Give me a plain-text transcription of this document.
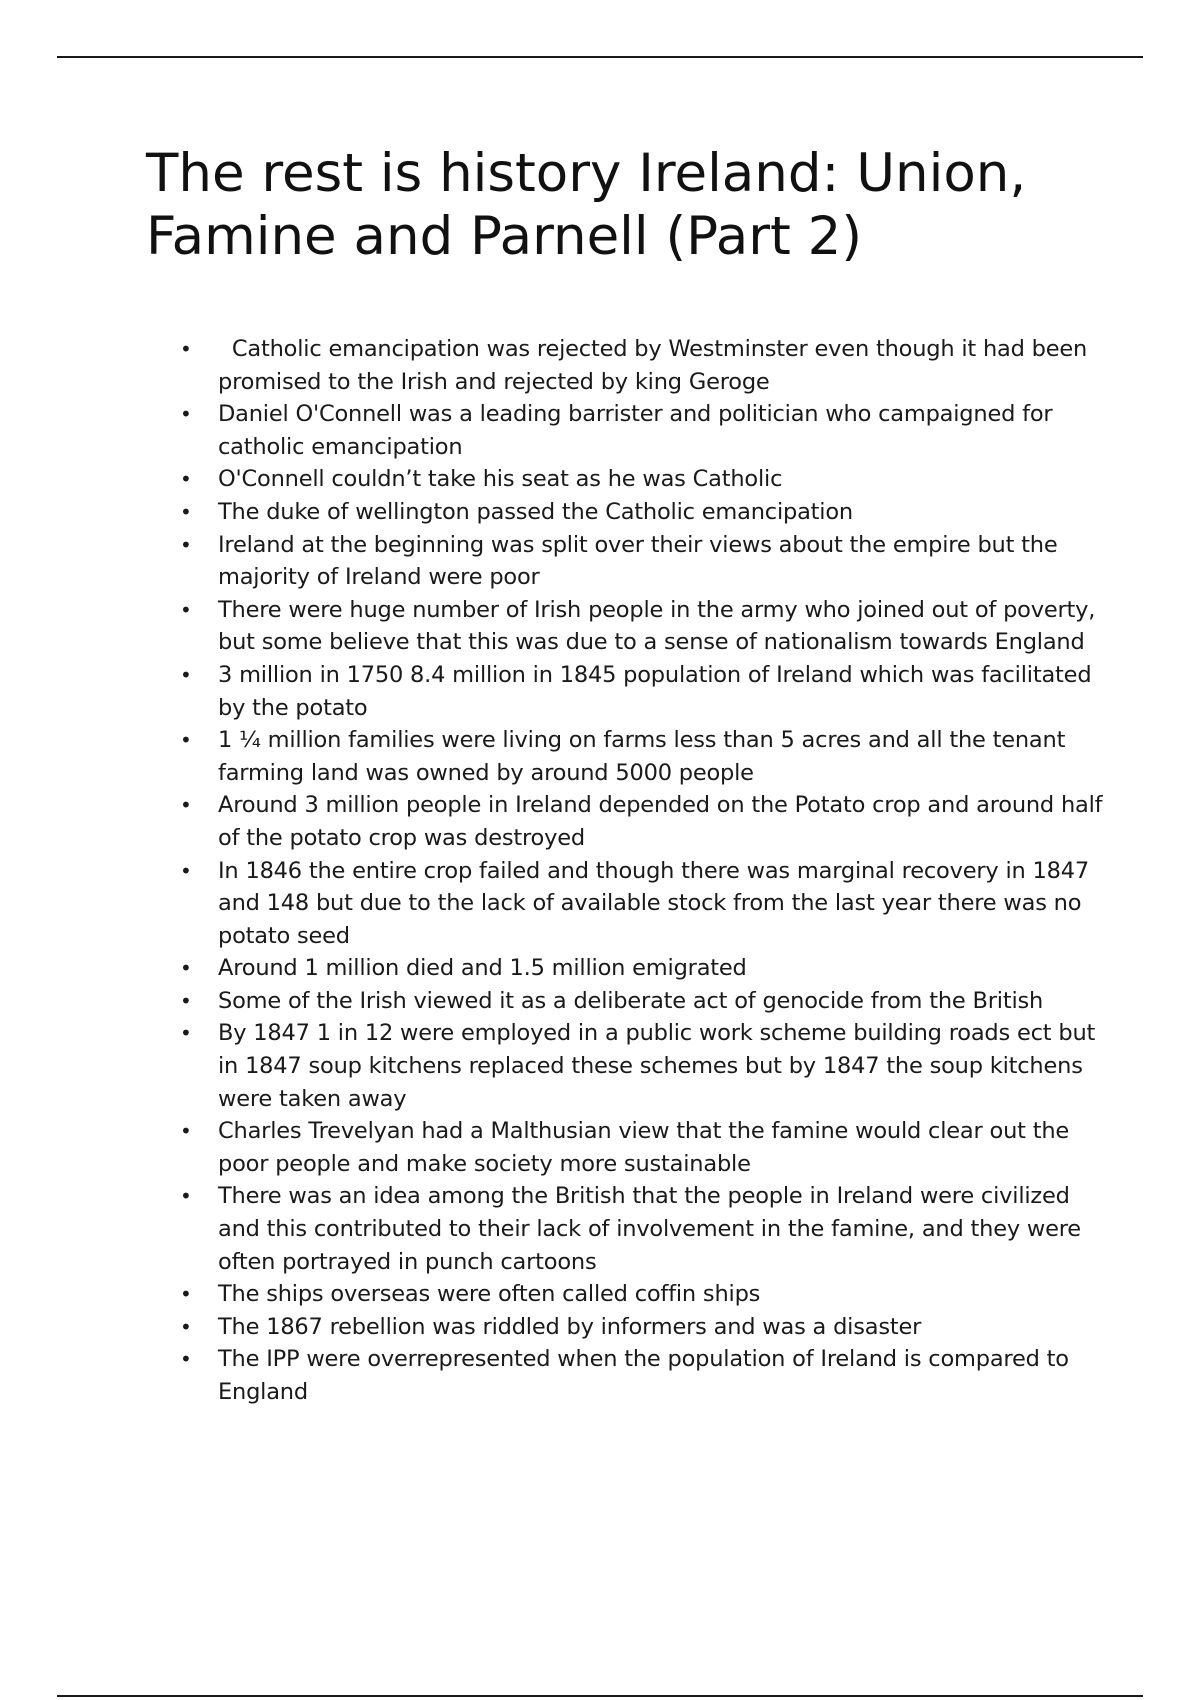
The rest is history Ireland: Union, Famine and Parnell (Part 2)
•   Catholic emancipation was rejected by Westminster even though it had been promised to the Irish and rejected by king Geroge
• Daniel O'Connell was a leading barrister and politician who campaigned for catholic emancipation
• O'Connell couldn’t take his seat as he was Catholic
• The duke of wellington passed the Catholic emancipation
• Ireland at the beginning was split over their views about the empire but the majority of Ireland were poor
• There were huge number of Irish people in the army who joined out of poverty, but some believe that this was due to a sense of nationalism towards England
• 3 million in 1750 8.4 million in 1845 population of Ireland which was facilitated by the potato
• 1 ¼ million families were living on farms less than 5 acres and all the tenant farming land was owned by around 5000 people
• Around 3 million people in Ireland depended on the Potato crop and around half of the potato crop was destroyed
• In 1846 the entire crop failed and though there was marginal recovery in 1847 and 148 but due to the lack of available stock from the last year there was no potato seed
• Around 1 million died and 1.5 million emigrated
• Some of the Irish viewed it as a deliberate act of genocide from the British
• By 1847 1 in 12 were employed in a public work scheme building roads ect but in 1847 soup kitchens replaced these schemes but by 1847 the soup kitchens were taken away
• Charles Trevelyan had a Malthusian view that the famine would clear out the poor people and make society more sustainable
• There was an idea among the British that the people in Ireland were civilized and this contributed to their lack of involvement in the famine, and they were often portrayed in punch cartoons
• The ships overseas were often called coffin ships
• The 1867 rebellion was riddled by informers and was a disaster
• The IPP were overrepresented when the population of Ireland is compared to England
